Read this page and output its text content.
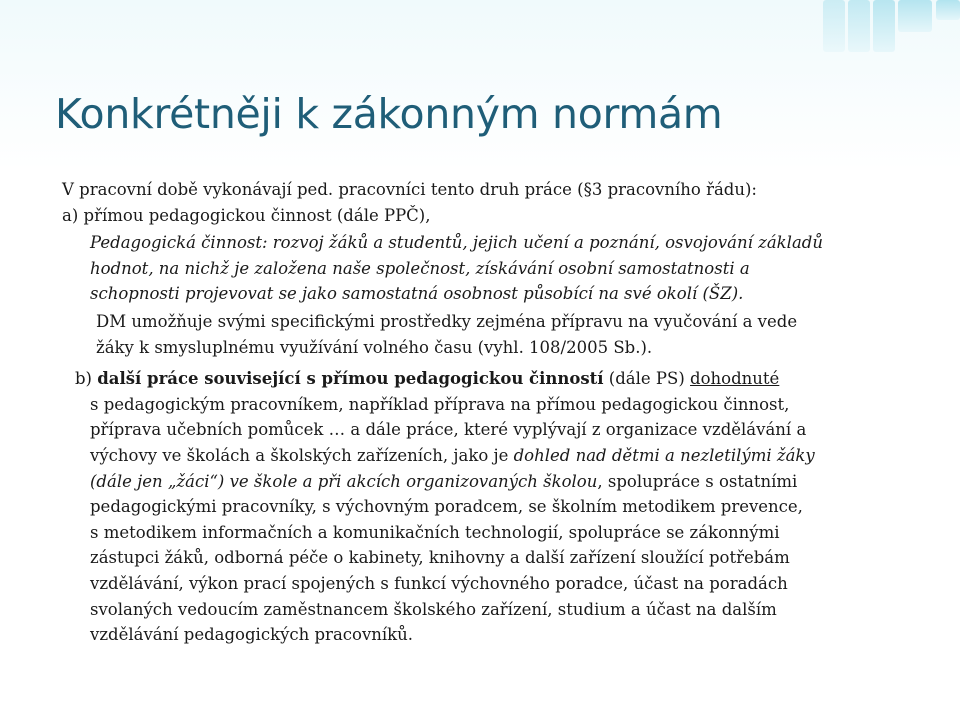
Konkrétněji k zákonným normám
V pracovní době vykonávají ped. pracovníci tento druh práce (§3 pracovního řádu):
a) přímou pedagogickou činnost (dále PPČ),
Pedagogická činnost: rozvoj žáků a studentů, jejich učení a poznání, osvojování základů
hodnot, na nichž je založena naše společnost, získávání osobní samostatnosti a
schopnosti projevovat se jako samostatná osobnost působící na své okolí (ŠZ).
DM umožňuje svými specifickými prostředky zejména přípravu na vyučování a vede
žáky k smysluplnému využívání volného času (vyhl. 108/2005 Sb.).
b) další práce související s přímou pedagogickou činností (dále PS) dohodnuté
s pedagogickým pracovníkem, například příprava na přímou pedagogickou činnost,
příprava učebních pomůcek … a dále práce, které vyplývají z organizace vzdělávání a
výchovy ve školách a školských zařízeních, jako je dohled nad dětmi a nezletilými žáky
(dále jen „žáci“) ve škole a při akcích organizovaných školou, spolupráce s ostatními
pedagogickými pracovníky, s výchovným poradcem, se školním metodikem prevence,
s metodikem informačních a komunikačních technologií, spolupráce se zákonnými
zástupci žáků, odborná péče o kabinety, knihovny a další zařízení sloužící potřebám
vzdělávání, výkon prací spojených s funkcí výchovného poradce, účast na poradách
svolaných vedoucím zaměstnancem školského zařízení, studium a účast na dalším
vzdělávání pedagogických pracovníků.
